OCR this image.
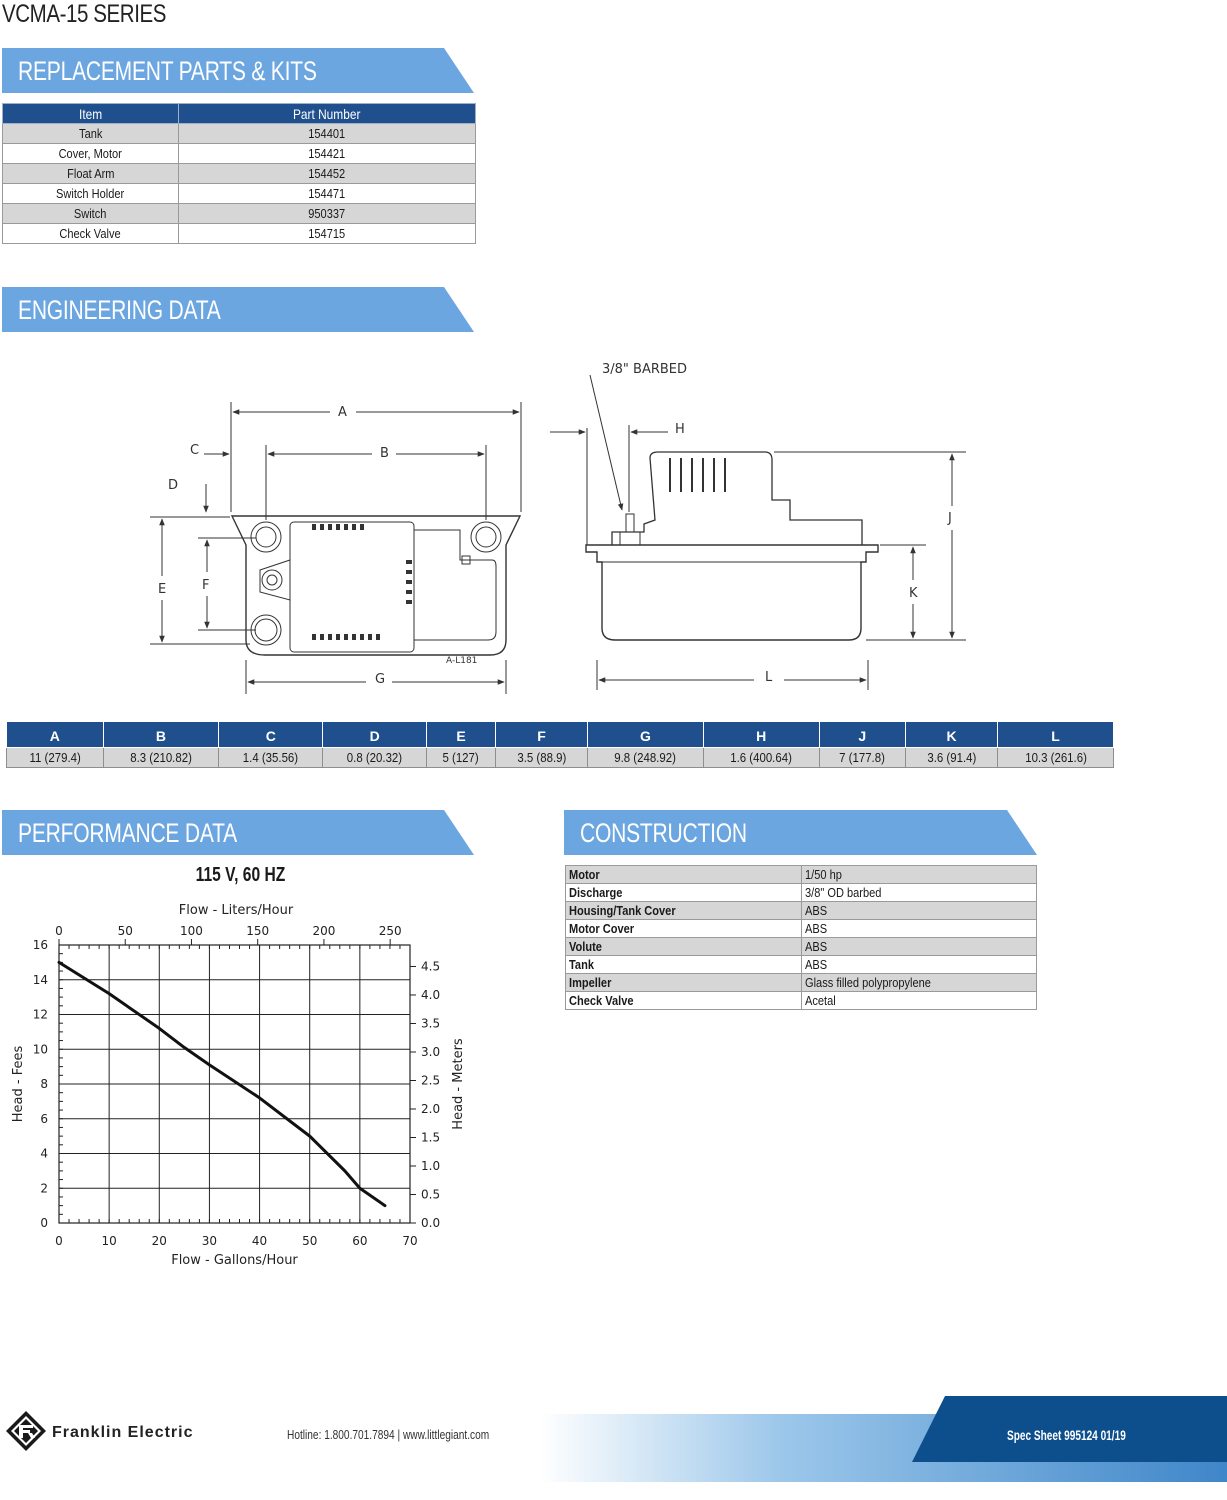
VCMA-15 SERIES
REPLACEMENT PARTS & KITS
ENGINEERING DATA
PERFORMANCE DATA	CONSTRUCTION
Item	Part Number
Tank	154401
Cover, Motor	154421
Float Arm	154452
Switch Holder	154471
Switch	950337
Check Valve	154715
A
B
C
D
E	F
G
H
J
K
L
3/8" BARBED
A-L181
A	B	C	D	E	F	G	H	J	K	L
11 (279.4)	8.3 (210.82)	1.4 (35.56)	0.8 (20.32)	5 (127)	3.5 (88.9)	9.8 (248.92)	1.6 (400.64)	7 (177.8)	3.6 (91.4)	10.3 (261.6)
115 V, 60 HZ
0	10	20	30	40	50	60	70
0
2
4
6
8
10
12
14
16
0	50	100	150	200	250
0.0
0.5
1.0
1.5
2.0
2.5
3.0
3.5
4.0
4.5
Flow - Gallons/Hour
Flow - Liters/Hour
Head - Fees	Head - Meters
Motor	1/50 hp
Discharge	3/8" OD barbed
Housing/Tank Cover	ABS
Motor Cover	ABS
Volute	ABS
Tank	ABS
Impeller	Glass filled polypropylene
Check Valve	Acetal
Franklin Electric	Hotline: 1.800.701.7894 | www.littlegiant.com	Spec Sheet 995124 01/19
